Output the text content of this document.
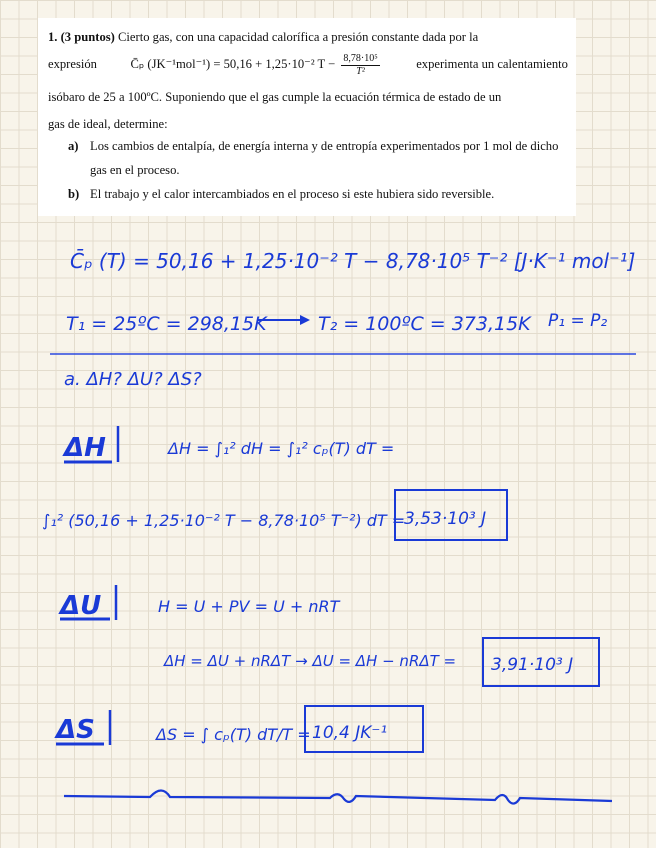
1. (3 puntos) Cierto gas, con una capacidad calorífica a presión constante dada por la

expresión	C̄ₚ (JK⁻¹mol⁻¹) = 50,16 + 1,25·10⁻² $T - \frac{\text{8,78·10⁵}}{\text{T²}}$	experimenta un calentamiento

isóbaro de 25 a 100ºC. Suponiendo que el gas cumple la ecuación térmica de estado de un

gas de ideal, determine:

a) Los cambios de entalpía, de energía interna y de entropía experimentados por 1 mol de dicho gas en el proceso.
b) El trabajo y el calor intercambiados en el proceso si este hubiera sido reversible.
C̄ₚ (T) = 50,16 + 1,25·10⁻² T − 8,78·10⁵ T⁻² [J·K⁻¹ mol⁻¹]
T₁ = 25ºC = 298,15K	T₂ = 100ºC = 373,15K P₁ = P₂
a. ΔH? ΔU? ΔS?
ΔH	ΔH = ∫₁² dH = ∫₁² cₚ(T) dT =
∫₁² (50,16 + 1,25·10⁻² T − 8,78·10⁵ T⁻²) dT =
3,53·10³ J
ΔU	H = U + PV = U + nRT
ΔH = ΔU + nRΔT → ΔU = ΔH − nRΔT = 3,91·10³ J
ΔS	ΔS = ∫ cₚ(T) dT/T = 10,4 JK⁻¹
